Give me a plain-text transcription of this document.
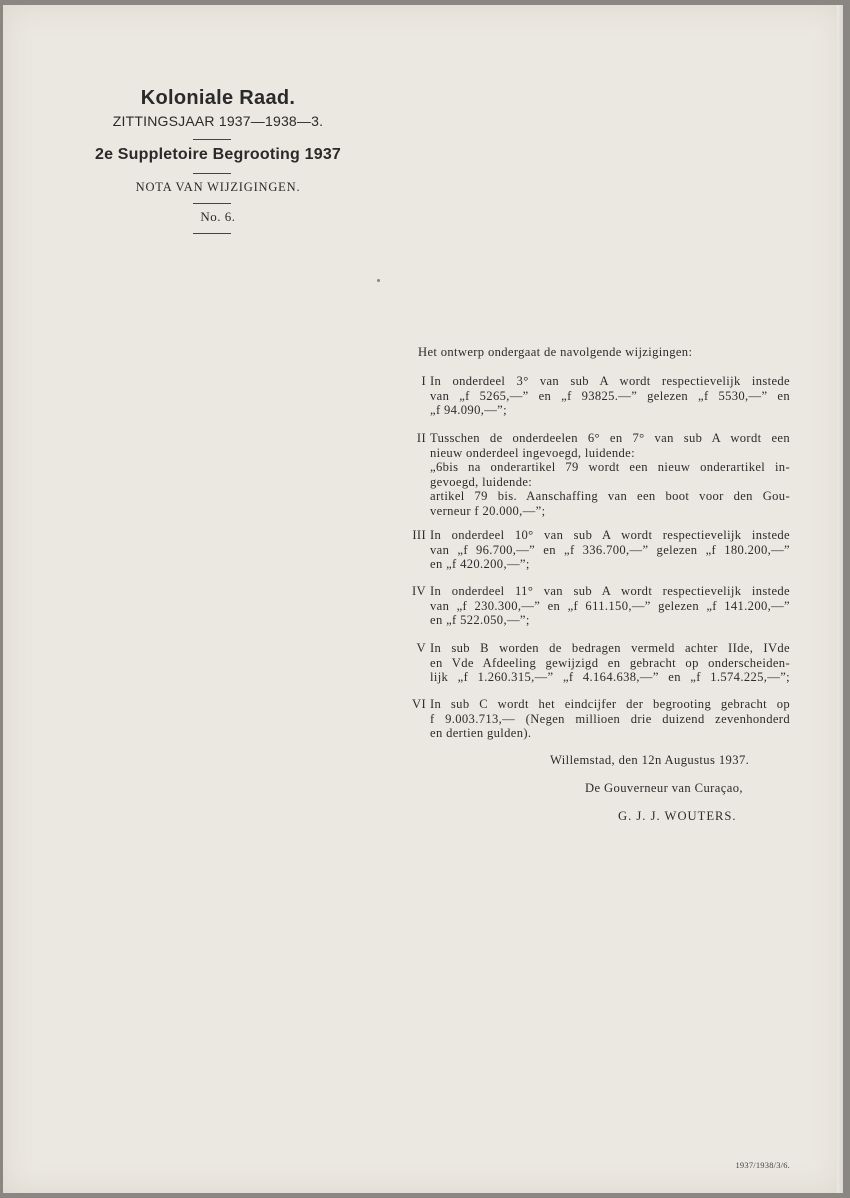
Koloniale Raad.
ZITTINGSJAAR 1937—1938—3.
2e Suppletoire Begrooting 1937
NOTA VAN WIJZIGINGEN.
No. 6.
Het ontwerp ondergaat de navolgende wijzigingen:
I In onderdeel 3° van sub A wordt respectievelijk instede
van „f 5265,—” en „f 93825.—” gelezen „f 5530,—” en
„f 94.090,—”;
II Tusschen de onderdeelen 6° en 7° van sub A wordt een
nieuw onderdeel ingevoegd, luidende:
„6bis na onderartikel 79 wordt een nieuw onderartikel in-
gevoegd, luidende:
artikel 79 bis. Aanschaffing van een boot voor den Gou-
verneur f 20.000,—”;
III In onderdeel 10° van sub A wordt respectievelijk instede
van „f 96.700,—” en „f 336.700,—” gelezen „f 180.200,—”
en „f 420.200,—”;
IV In onderdeel 11° van sub A wordt respectievelijk instede
van „f 230.300,—” en „f 611.150,—” gelezen „f 141.200,—”
en „f 522.050,—”;
V In sub B worden de bedragen vermeld achter IIde, IVde
en Vde Afdeeling gewijzigd en gebracht op onderscheiden-
lijk „f 1.260.315,—” „f 4.164.638,—” en „f 1.574.225,—”;
VI In sub C wordt het eindcijfer der begrooting gebracht op
f 9.003.713,— (Negen millioen drie duizend zevenhonderd
en dertien gulden).
Willemstad, den 12n Augustus 1937.
De Gouverneur van Curaçao,
G. J. J. WOUTERS.
1937/1938/3/6.
